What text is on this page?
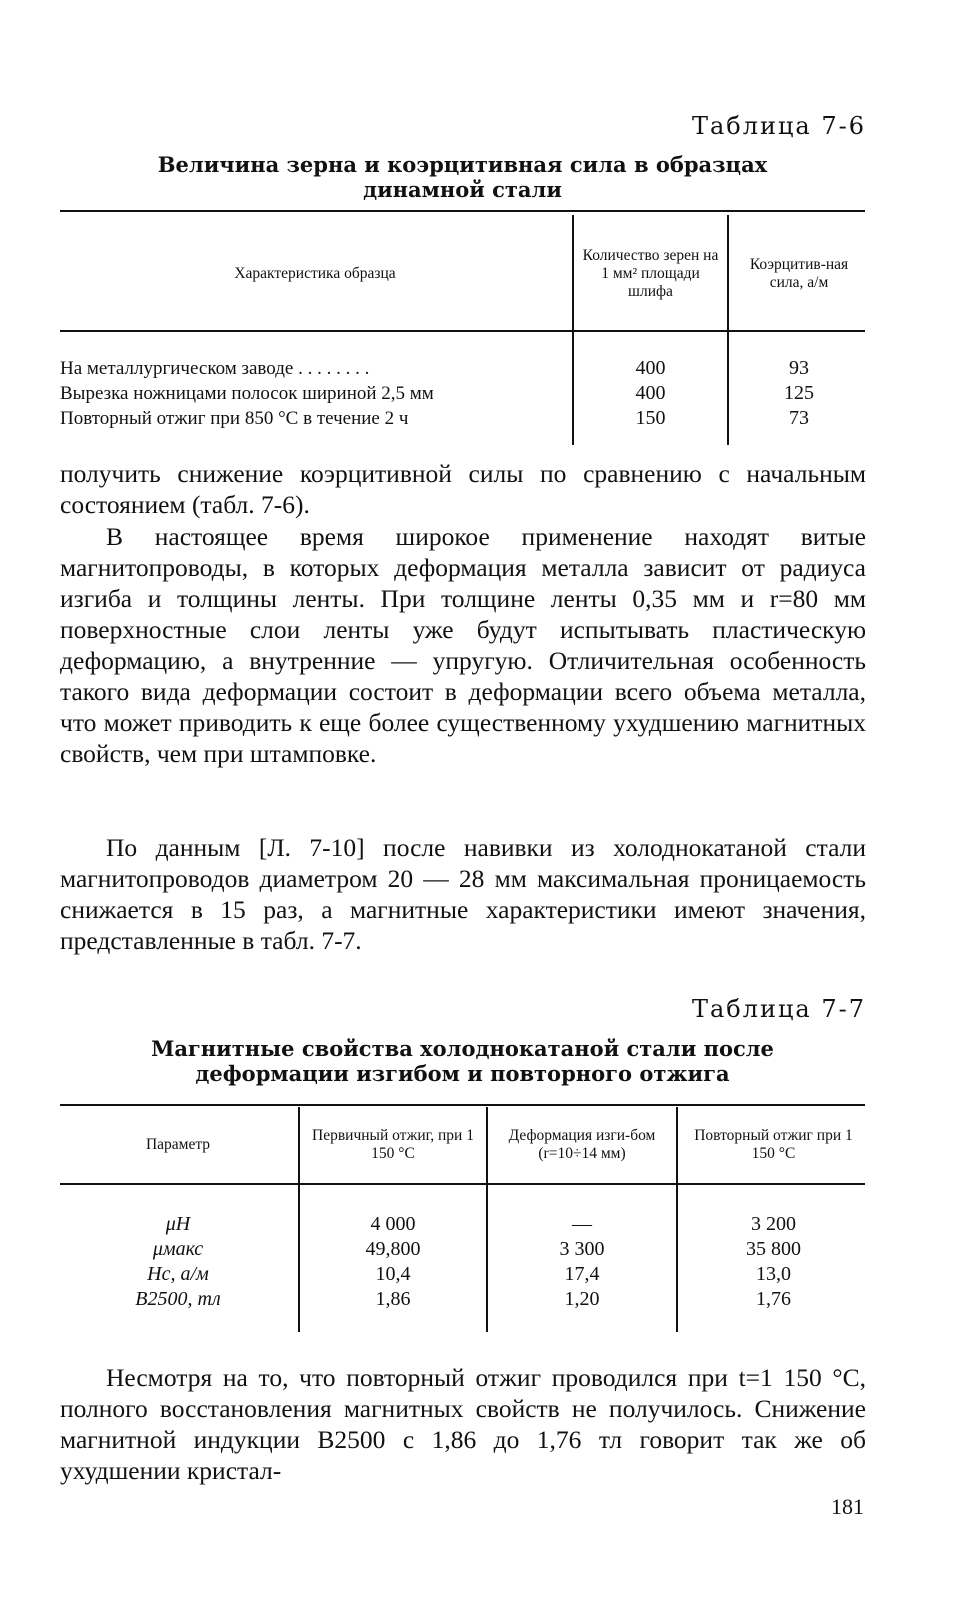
Таблица 7-6
Величина зерна и коэрцитивная сила в образцах
динамной стали
Характеристика образца
Количество зерен на 1 мм² площади шлифа
Коэрцитив-ная сила, а/м
На металлургическом заводе . . . . . . . .
Вырезка ножницами полосок шириной 2,5 мм
Повторный отжиг при 850 °С в течение 2 ч
400
400
150
93
125
73

получить снижение коэрцитивной силы по сравнению с начальным состоянием (табл. 7-6).

В настоящее время широкое применение находят витые магнитопроводы, в которых деформация металла зависит от радиуса изгиба и толщины ленты. При толщине ленты 0,35 мм и r=80 мм поверхностные слои ленты уже будут испытывать пластическую деформацию, а внутренние — упругую. Отличительная особенность такого вида деформации состоит в деформации всего объема металла, что может приводить к еще более существенному ухудшению магнитных свойств, чем при штамповке.

По данным [Л. 7-10] после навивки из холоднокатаной стали магнитопроводов диаметром 20 — 28 мм максимальная проницаемость снижается в 15 раз, а магнитные характеристики имеют значения, представленные в табл. 7-7.

Таблица 7-7
Магнитные свойства холоднокатаной стали после
деформации изгибом и повторного отжига
Параметр
Первичный отжиг, при 1 150 °С
Деформация изги-бом (r=10÷14 мм)
Повторный отжиг при 1 150 °С
μH
μмакс
Hc, а/м
B2500, тл
4 000
49,800
10,4
1,86
—
3 300
17,4
1,20
3 200
35 800
13,0
1,76

Несмотря на то, что повторный отжиг проводился при t=1 150 °С, полного восстановления магнитных свойств не получилось. Снижение магнитной индукции B2500 с 1,86 до 1,76 тл говорит так же об ухудшении кристал-

181
